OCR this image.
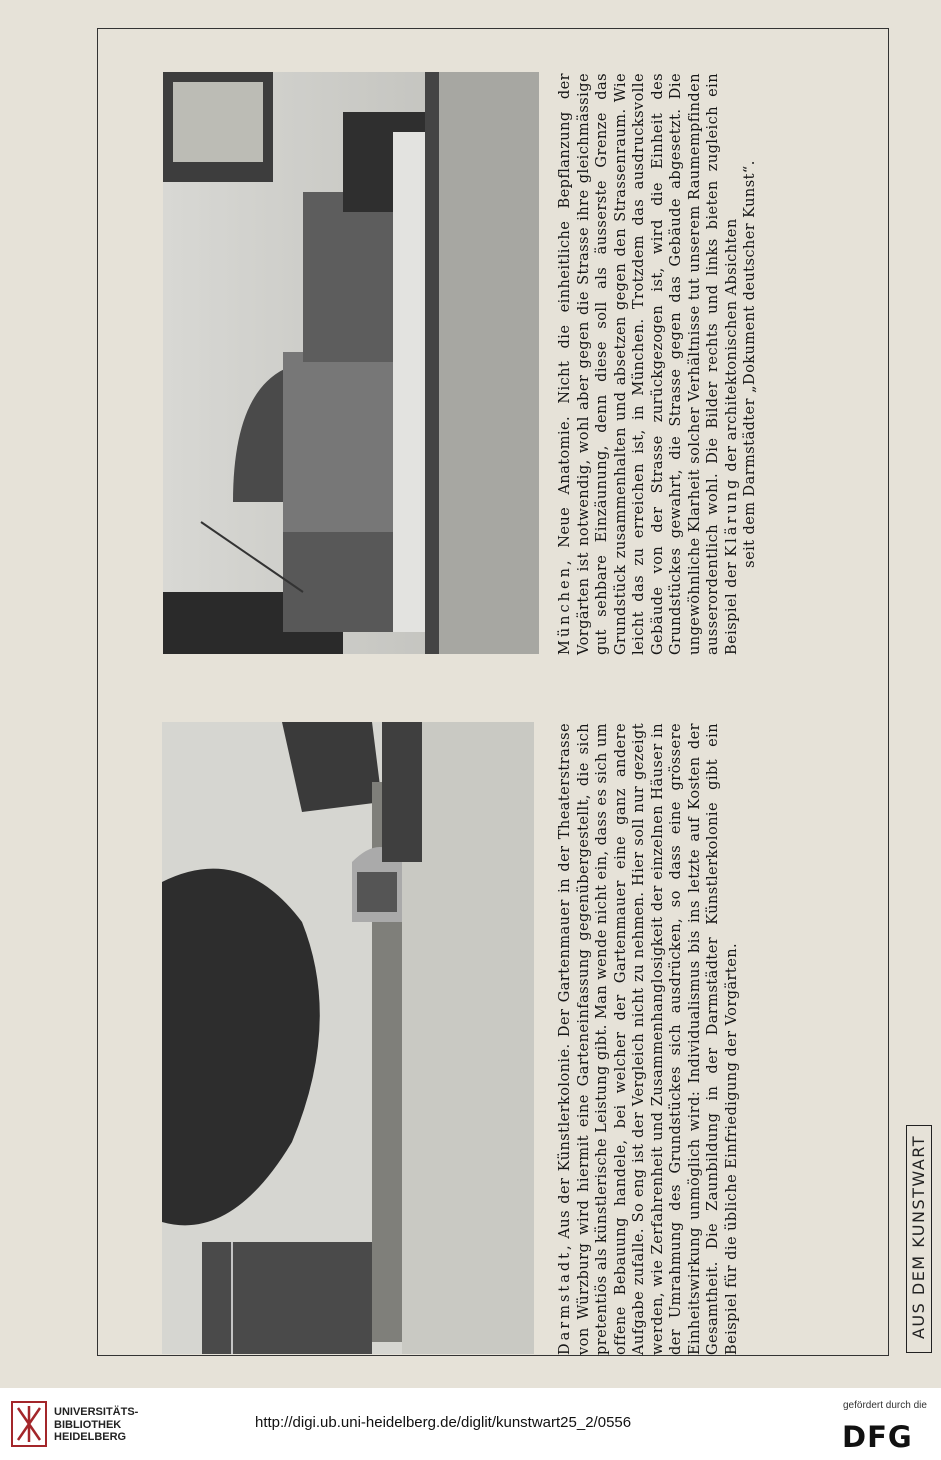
München, Neue Anatomie. Nicht die einheitliche Bepflanzung der Vorgärten ist notwendig, wohl aber gegen die Strasse ihre gleichmässige gut sehbare Einzäunung, denn diese soll als äusserste Grenze das Grundstück zusammenhalten und absetzen gegen den Strassenraum. Wie leicht das zu erreichen ist, in München. Trotzdem das ausdrucksvolle Gebäude von der Strasse zurückgezogen ist, wird die Einheit des Grundstückes gewahrt, die Strasse gegen das Gebäude abgesetzt. Die ungewöhnliche Klarheit solcher Verhältnisse tut unserem Raumempfinden ausserordentlich wohl. Die Bilder rechts und links bieten zugleich ein Beispiel der Klärung der architektonischen Absichten seit dem Darmstädter „Dokument deutscher Kunst“.
Darmstadt, Aus der Künstlerkolonie. Der Gartenmauer in der Theaterstrasse von Würzburg wird hiermit eine Garteneinfassung gegenübergestellt, die sich pretentiös als künstlerische Leistung gibt. Man wende nicht ein, dass es sich um offene Bebauung handele, bei welcher der Gartenmauer eine ganz andere Aufgabe zufalle. So eng ist der Vergleich nicht zu nehmen. Hier soll nur gezeigt werden, wie Zerfahrenheit und Zusammenhanglosigkeit der einzelnen Häuser in der Umrahmung des Grundstückes sich ausdrücken, so dass eine grössere Einheitswirkung unmöglich wird: Individualismus bis ins letzte auf Kosten der Gesamtheit. Die Zaunbildung in der Darmstädter Künstlerkolonie gibt ein Beispiel für die übliche Einfriedigung der Vorgärten.	AUS DEM KUNSTWART
UNIVERSITÄTS-
BIBLIOTHEK
HEIDELBERG
http://digi.ub.uni-heidelberg.de/diglit/kunstwart25_2/0556
gefördert durch die
DFG
